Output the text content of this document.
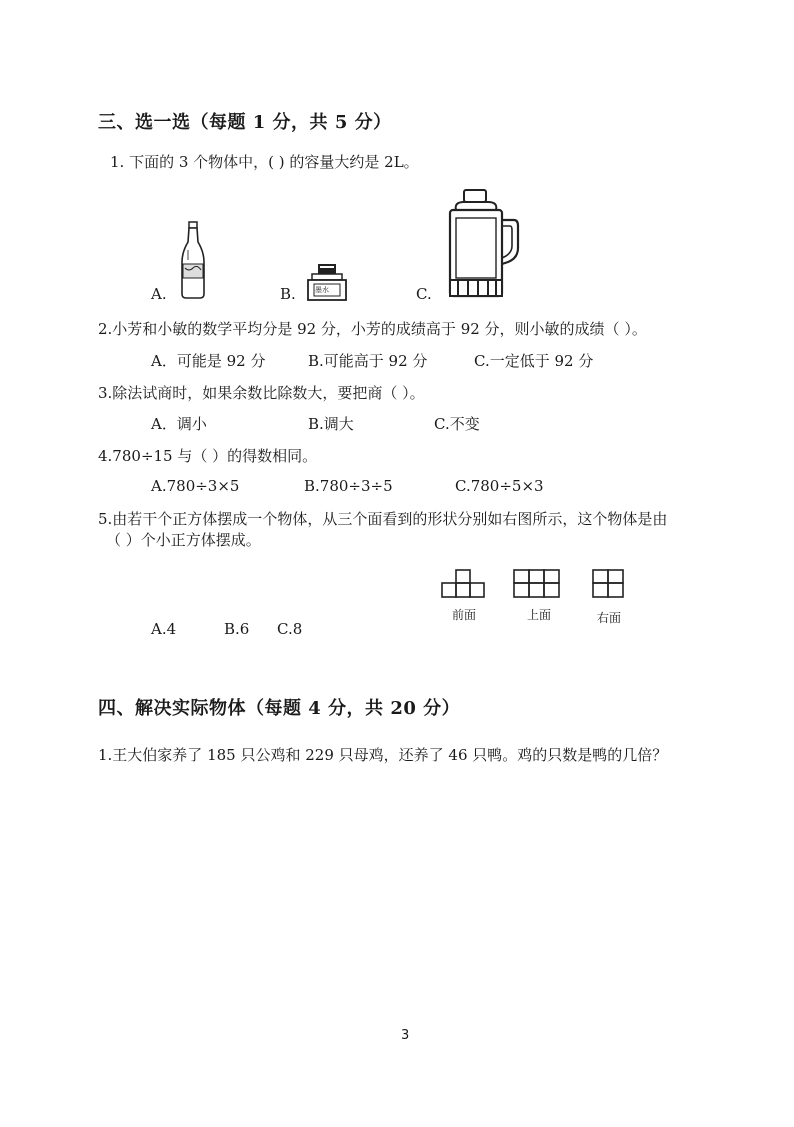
三、选一选（每题 1 分，共 5 分）
1. 下面的 3 个物体中，( ) 的容量大约是 2L。
A.	B.	墨水	C.
2.小芳和小敏的数学平均分是 92 分，小芳的成绩高于 92 分，则小敏的成绩（ ）。
A．可能是 92 分	B.可能高于 92 分	C.一定低于 92 分
3.除法试商时，如果余数比除数大，要把商（ ）。
A．调小	B.调大	C.不变
4.780÷15 与（ ）的得数相同。
A.780÷3×5	B.780÷3÷5	C.780÷5×3
5.由若干个正方体摆成一个物体，从三个面看到的形状分别如右图所示，这个物体是由
（ ）个小正方体摆成。
前面	上面	右面
A.4	B.6 C.8
四、解决实际物体（每题 4 分，共 20 分）
1.王大伯家养了 185 只公鸡和 229 只母鸡，还养了 46 只鸭。鸡的只数是鸭的几倍？
3
